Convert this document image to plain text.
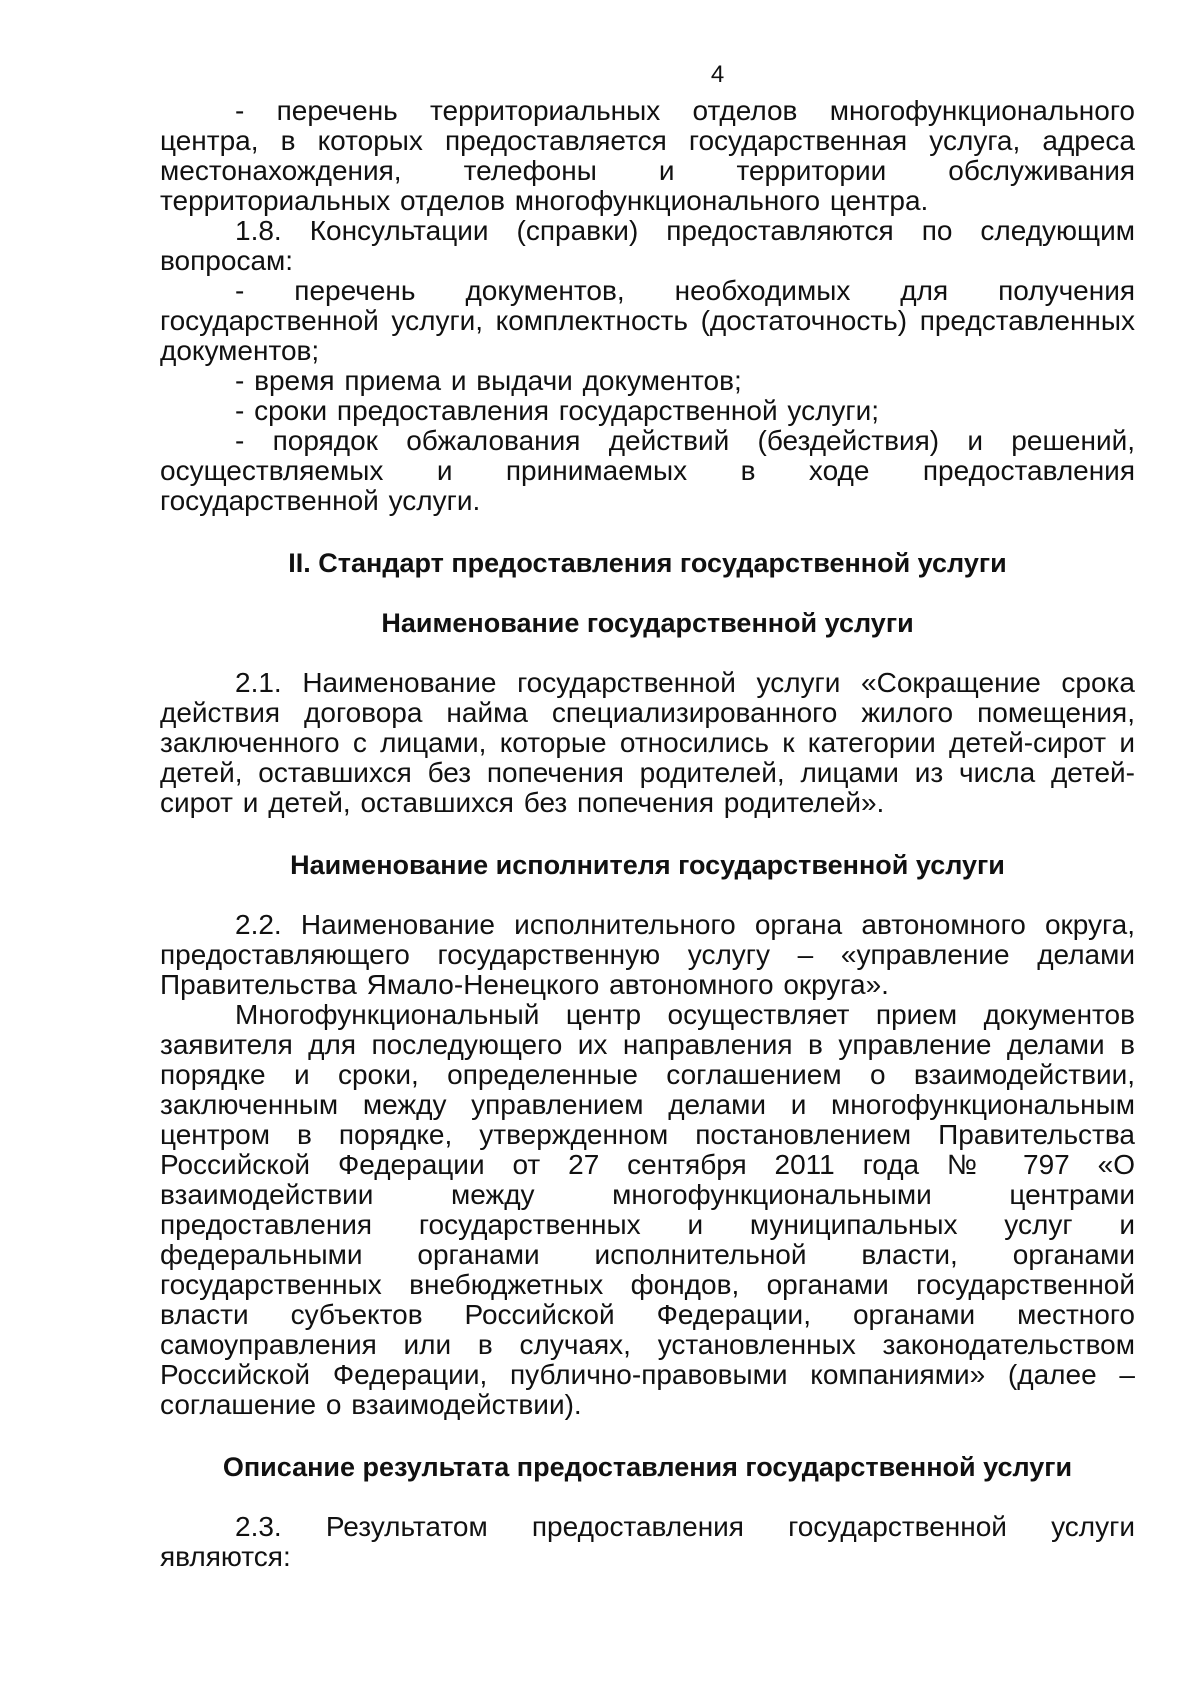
4

- перечень территориальных отделов многофункционального центра, в которых предоставляется государственная услуга, адреса местонахождения, телефоны и территории обслуживания территориальных отделов многофункционального центра.

1.8. Консультации (справки) предоставляются по следующим вопросам:

- перечень документов, необходимых для получения государственной услуги, комплектность (достаточность) представленных документов;

- время приема и выдачи документов;

- сроки предоставления государственной услуги;

- порядок обжалования действий (бездействия) и решений, осуществляемых и принимаемых в ходе предоставления государственной услуги.

II. Стандарт предоставления государственной услуги

Наименование государственной услуги

2.1. Наименование государственной услуги «Сокращение срока действия договора найма специализированного жилого помещения, заключенного с лицами, которые относились к категории детей-сирот и детей, оставшихся без попечения родителей, лицами из числа детей-сирот и детей, оставшихся без попечения родителей».

Наименование исполнителя государственной услуги

2.2. Наименование исполнительного органа автономного округа, предоставляющего государственную услугу – «управление делами Правительства Ямало-Ненецкого автономного округа».

Многофункциональный центр осуществляет прием документов заявителя для последующего их направления в управление делами в порядке и сроки, определенные соглашением о взаимодействии, заключенным между управлением делами и многофункциональным центром в порядке, утвержденном постановлением Правительства Российской Федерации от 27 сентября 2011 года № 797 «О взаимодействии между многофункциональными центрами предоставления государственных и муниципальных услуг и федеральными органами исполнительной власти, органами государственных внебюджетных фондов, органами государственной власти субъектов Российской Федерации, органами местного самоуправления или в случаях, установленных законодательством Российской Федерации, публично-правовыми компаниями» (далее – соглашение о взаимодействии).

Описание результата предоставления государственной услуги

2.3. Результатом предоставления государственной услуги являются:
